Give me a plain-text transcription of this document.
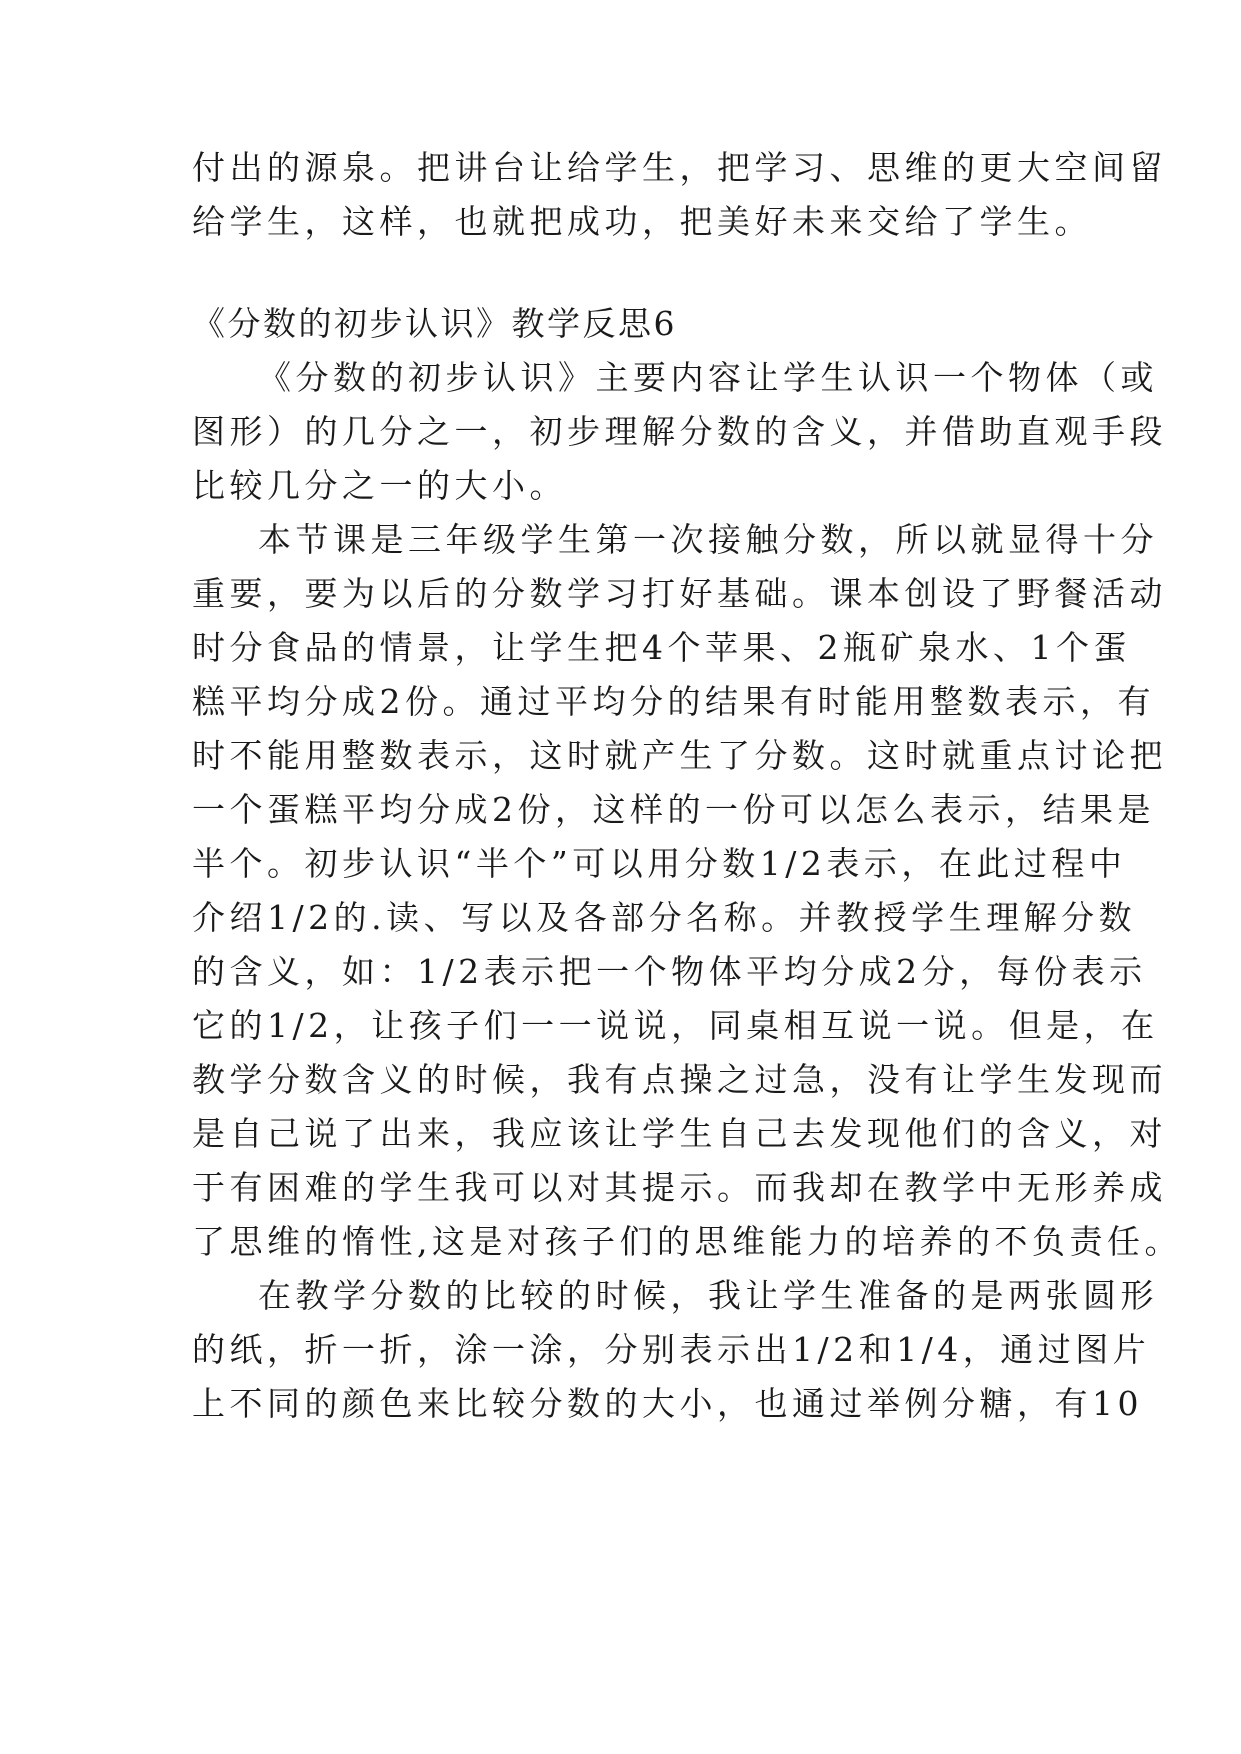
付出的源泉。把讲台让给学生，把学习、思维的更大空间留
给学生，这样，也就把成功，把美好未来交给了学生。
《分数的初步认识》教学反思6
《分数的初步认识》主要内容让学生认识一个物体（或
图形）的几分之一，初步理解分数的含义，并借助直观手段
比较几分之一的大小。
本节课是三年级学生第一次接触分数，所以就显得十分
重要，要为以后的分数学习打好基础。课本创设了野餐活动
时分食品的情景，让学生把4个苹果、2瓶矿泉水、1个蛋
糕平均分成2份。通过平均分的结果有时能用整数表示，有
时不能用整数表示，这时就产生了分数。这时就重点讨论把
一个蛋糕平均分成2份，这样的一份可以怎么表示，结果是
半个。初步认识“半个”可以用分数1/2表示，在此过程中
介绍1/2的.读、写以及各部分名称。并教授学生理解分数
的含义，如：1/2表示把一个物体平均分成2分，每份表示
它的1/2，让孩子们一一说说，同桌相互说一说。但是，在
教学分数含义的时候，我有点操之过急，没有让学生发现而
是自己说了出来，我应该让学生自己去发现他们的含义，对
于有困难的学生我可以对其提示。而我却在教学中无形养成
了思维的惰性,这是对孩子们的思维能力的培养的不负责任。
在教学分数的比较的时候，我让学生准备的是两张圆形
的纸，折一折，涂一涂，分别表示出1/2和1/4，通过图片
上不同的颜色来比较分数的大小，也通过举例分糖，有10
